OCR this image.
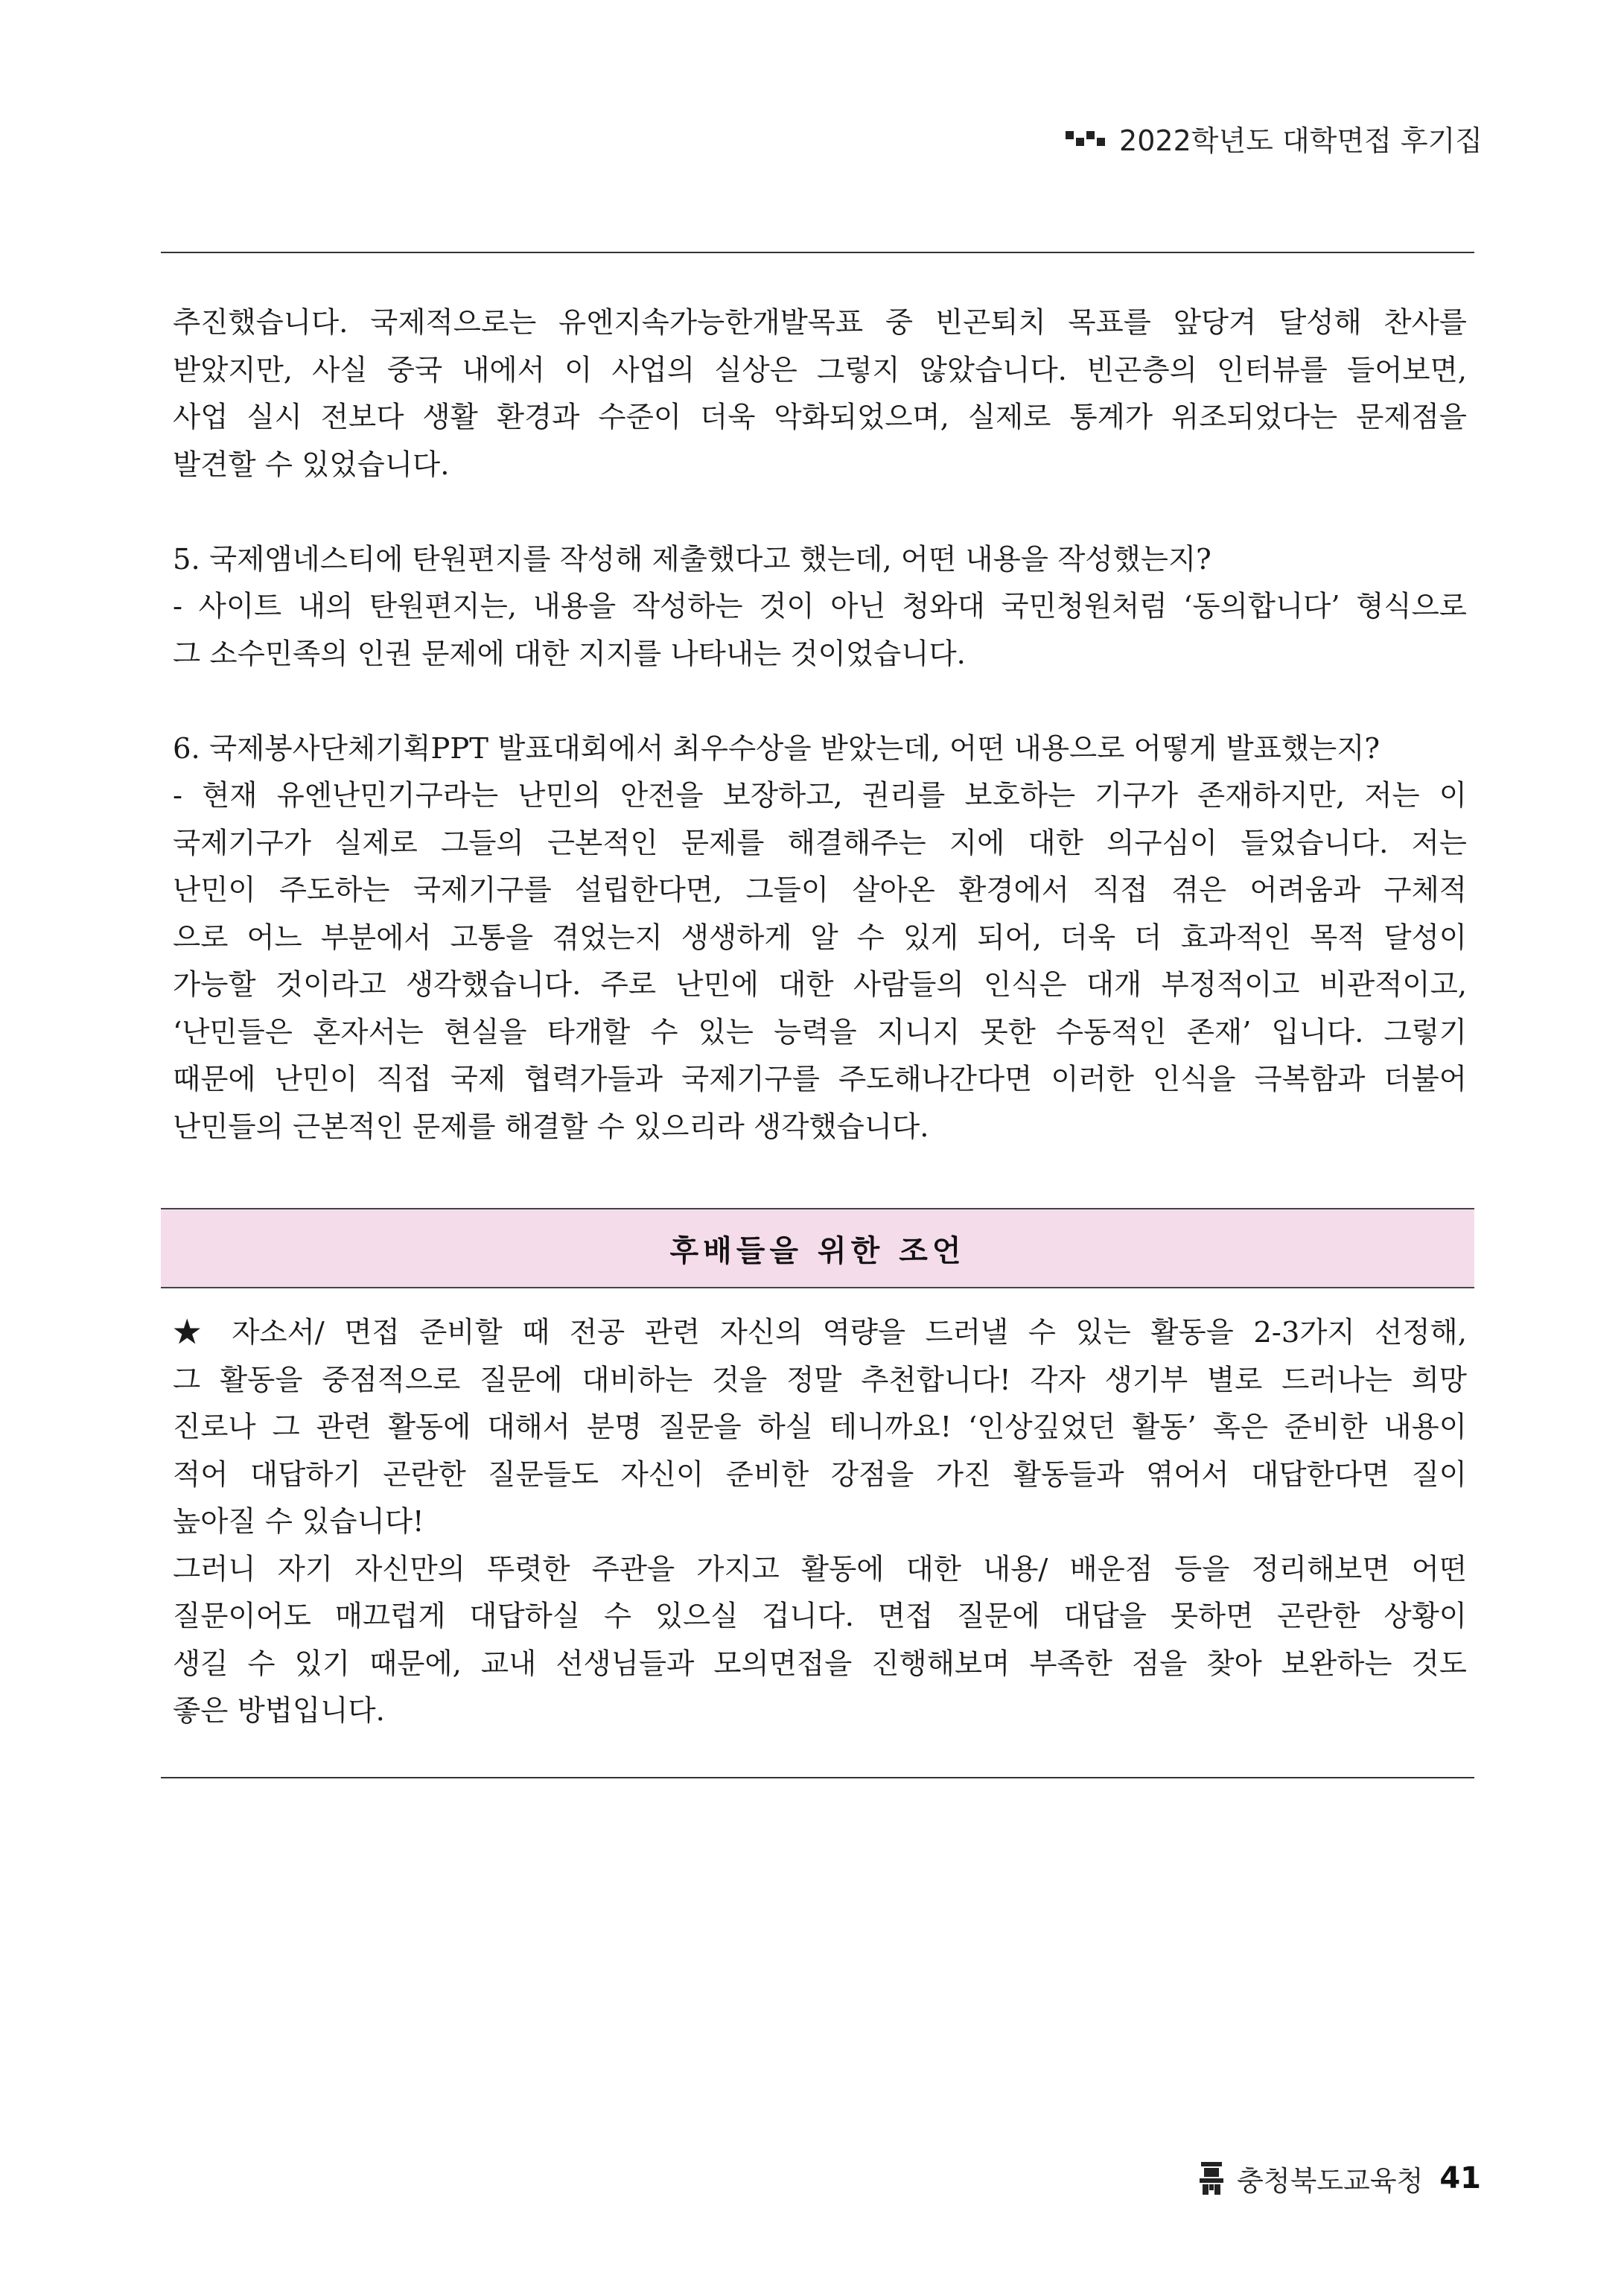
2022학년도 대학면접 후기집

추진했습니다. 국제적으로는 유엔지속가능한개발목표 중 빈곤퇴치 목표를 앞당겨 달성해 찬사를

받았지만, 사실 중국 내에서 이 사업의 실상은 그렇지 않았습니다. 빈곤층의 인터뷰를 들어보면,

사업 실시 전보다 생활 환경과 수준이 더욱 악화되었으며, 실제로 통계가 위조되었다는 문제점을

발견할 수 있었습니다.

5. 국제앰네스티에 탄원편지를 작성해 제출했다고 했는데, 어떤 내용을 작성했는지?

- 사이트 내의 탄원편지는, 내용을 작성하는 것이 아닌 청와대 국민청원처럼 ‘동의합니다’ 형식으로

그 소수민족의 인권 문제에 대한 지지를 나타내는 것이었습니다.

6. 국제봉사단체기획PPT 발표대회에서 최우수상을 받았는데, 어떤 내용으로 어떻게 발표했는지?

- 현재 유엔난민기구라는 난민의 안전을 보장하고, 권리를 보호하는 기구가 존재하지만, 저는 이

국제기구가 실제로 그들의 근본적인 문제를 해결해주는 지에 대한 의구심이 들었습니다. 저는

난민이 주도하는 국제기구를 설립한다면, 그들이 살아온 환경에서 직접 겪은 어려움과 구체적

으로 어느 부분에서 고통을 겪었는지 생생하게 알 수 있게 되어, 더욱 더 효과적인 목적 달성이

가능할 것이라고 생각했습니다. 주로 난민에 대한 사람들의 인식은 대개 부정적이고 비관적이고,

‘난민들은 혼자서는 현실을 타개할 수 있는 능력을 지니지 못한 수동적인 존재’ 입니다. 그렇기

때문에 난민이 직접 국제 협력가들과 국제기구를 주도해나간다면 이러한 인식을 극복함과 더불어

난민들의 근본적인 문제를 해결할 수 있으리라 생각했습니다.

후배들을 위한 조언

★ 자소서/ 면접 준비할 때 전공 관련 자신의 역량을 드러낼 수 있는 활동을 2-3가지 선정해,

그 활동을 중점적으로 질문에 대비하는 것을 정말 추천합니다! 각자 생기부 별로 드러나는 희망

진로나 그 관련 활동에 대해서 분명 질문을 하실 테니까요! ‘인상깊었던 활동’ 혹은 준비한 내용이

적어 대답하기 곤란한 질문들도 자신이 준비한 강점을 가진 활동들과 엮어서 대답한다면 질이

높아질 수 있습니다!

그러니 자기 자신만의 뚜렷한 주관을 가지고 활동에 대한 내용/ 배운점 등을 정리해보면 어떤

질문이어도 매끄럽게 대답하실 수 있으실 겁니다. 면접 질문에 대답을 못하면 곤란한 상황이

생길 수 있기 때문에, 교내 선생님들과 모의면접을 진행해보며 부족한 점을 찾아 보완하는 것도

좋은 방법입니다.

충청북도교육청 41
